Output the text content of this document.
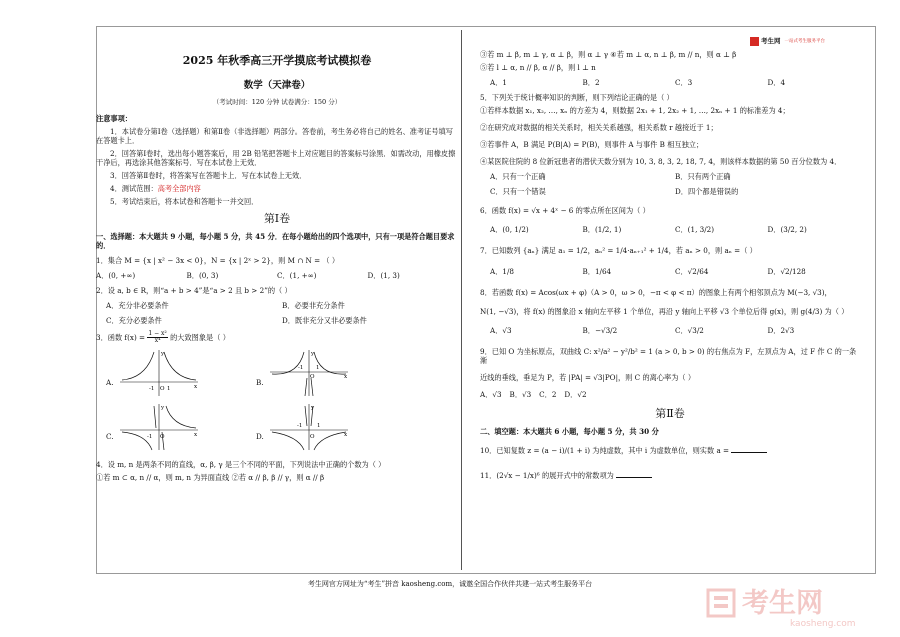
考生网 一站式考生服务平台
2025 年秋季高三开学摸底考试模拟卷
数学（天津卷）
（考试时间：120 分钟 试卷满分：150 分）
注意事项：
1．本试卷分第Ⅰ卷（选择题）和第Ⅱ卷（非选择题）两部分。答卷前，考生务必将自己的姓名、准考证号填写在答题卡上．
2．回答第Ⅰ卷时，选出每小题答案后，用 2B 铅笔把答题卡上对应题目的答案标号涂黑．如需改动，用橡皮擦干净后，再选涂其他答案标号．写在本试卷上无效．
3．回答第Ⅱ卷时，将答案写在答题卡上．写在本试卷上无效．
4．测试范围：高考全部内容
5．考试结束后，将本试卷和答题卡一并交回．
第Ⅰ卷
一、选择题：本大题共 9 小题，每小题 5 分，共 45 分．在每小题给出的四个选项中，只有一项是符合题目要求的．
1．集合 M = {x | x² − 3x < 0}，N = {x | 2ˣ > 2}，则 M ∩ N = （ ）
A．(0, +∞)	B．(0, 3)	C．(1, +∞)	D．(1, 3)
2．设 a, b ∈ R，则“a + b > 4”是“a > 2 且 b > 2”的（ ）
A．充分非必要条件	B．必要非充分条件
C．充分必要条件	D．既非充分又非必要条件
3．函数 $f(x) = \frac{\text{1 − x²}}{\text{x⁴}}$ 的大致图象是（ ）
A.
-1 O 1	x
y
B.
-1 1
O	x
y
C.	-1 O	x
y
D.
-1	1
O	x
y
4．设 m, n 是两条不同的直线，α, β, γ 是三个不同的平面，下列说法中正确的个数为（ ）
①若 m ⊂ α, n // α，则 m, n 为异面直线 ②若 α // β, β // γ，则 α // β
③若 m ⊥ β, m ⊥ γ, α ⊥ β，则 α ⊥ γ ④若 m ⊥ α, n ⊥ β, m // n，则 α ⊥ β
⑤若 l ⊥ α, n // β, α // β，则 l ⊥ n
A．1	B．2	C．3	D．4
5．下列关于统计概率知识的判断，则下列结论正确的是（ ）
①若样本数据 x₁, x₂, …, xₙ 的方差为 4，则数据 2x₁ + 1, 2x₂ + 1, …, 2xₙ + 1 的标准差为 4；
②在研究成对数据的相关关系时，相关关系越强，相关系数 r 越接近于 1；
③若事件 A，B 满足 P(B|A) = P(B)，则事件 A 与事件 B 相互独立；
④某医院住院的 8 位新冠患者的潜伏天数分别为 10, 3, 8, 3, 2, 18, 7, 4，则该样本数据的第 50 百分位数为 4．
A．只有一个正确	B．只有两个正确
C．只有一个错误	D．四个都是错误的
6．函数 f(x) = √x + 4ˣ − 6 的零点所在区间为（ ）
A．(0, 1/2)	B．(1/2, 1)	C．(1, 3/2)	D．(3/2, 2)
7．已知数列 {aₙ} 满足 a₁ = 1/2，aₙ² = 1/4·aₙ₊₁² + 1/4，若 aₙ > 0，则 aₙ =（ ）
A．1/8	B．1/64	C．√2/64	D．√2/128
8．若函数 f(x) = Acos(ωx + φ)（A > 0，ω > 0，−π < φ < π）的图象上有两个相邻顶点为 M(−3, √3)，
N(1, −√3)，将 f(x) 的图象沿 x 轴向左平移 1 个单位，再沿 y 轴向上平移 √3 个单位后得 g(x)，则 g(4/3) 为（ ）
A．√3	B．−√3/2	C．√3/2	D．2√3
9．已知 O 为坐标原点，双曲线 C: x²/a² − y²/b² = 1 (a > 0, b > 0) 的右焦点为 F，左顶点为 A，过 F 作 C 的一条渐
近线的垂线，垂足为 P，若 |PA| = √3|PO|，则 C 的离心率为（ ）
A．√3 B．√3 C．2 D．√2
第Ⅱ卷
二、填空题：本大题共 6 小题，每小题 5 分，共 30 分
10．已知复数 z = (a − i)/(1 + i) 为纯虚数，其中 i 为虚数单位，则实数 a =
11．(2√x − 1/x)⁶ 的展开式中的常数项为
考生网官方网址为“考生”拼音 kaosheng.com，诚邀全国合作伙伴共建一站式考生服务平台
考生网
kaosheng.com
